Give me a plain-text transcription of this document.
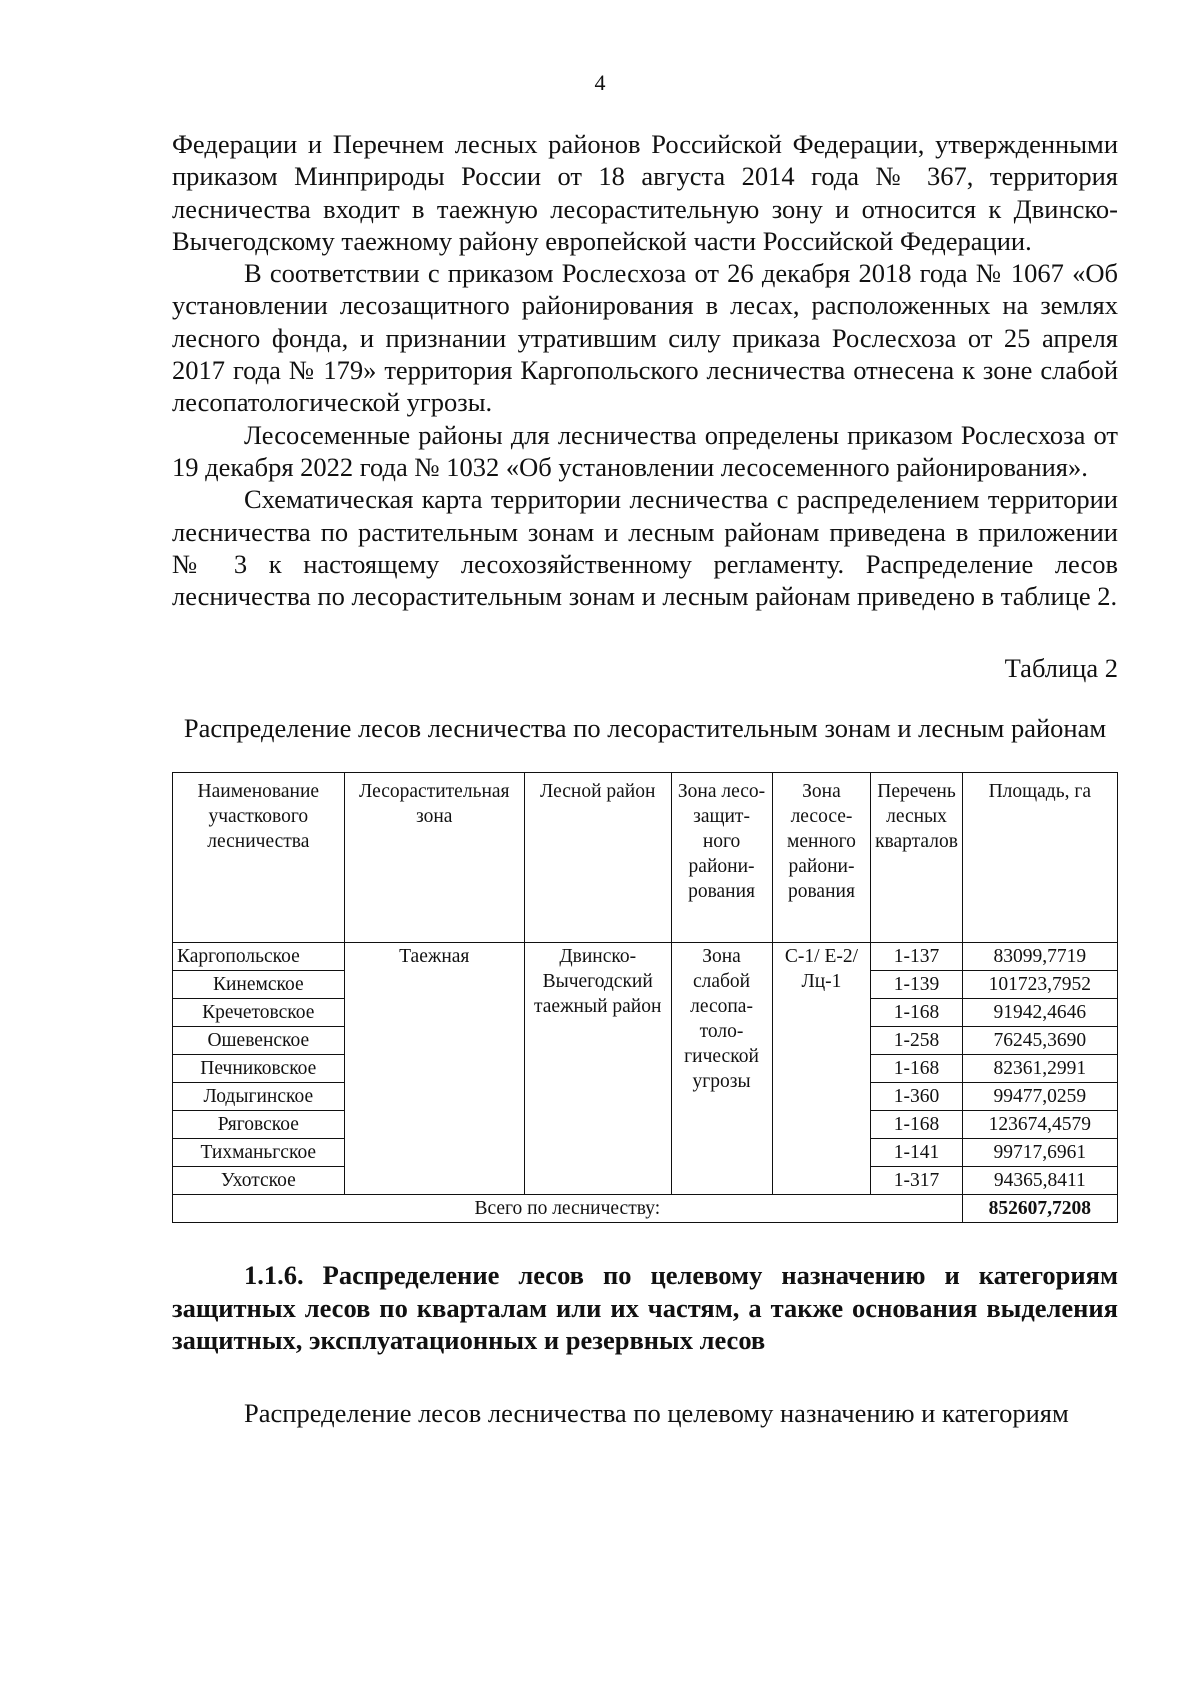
4

Федерации и Перечнем лесных районов Российской Федерации, утвержденными приказом Минприроды России от 18 августа 2014 года № 367, территория лесничества входит в таежную лесорастительную зону и относится к Двинско-Вычегодскому таежному району европейской части Российской Федерации.

В соответствии с приказом Рослесхоза от 26 декабря 2018 года № 1067 «Об установлении лесозащитного районирования в лесах, расположенных на землях лесного фонда, и признании утратившим силу приказа Рослесхоза от 25 апреля 2017 года № 179» территория Каргопольского лесничества отнесена к зоне слабой лесопатологической угрозы.

Лесосеменные районы для лесничества определены приказом Рослесхоза от 19 декабря 2022 года № 1032 «Об установлении лесосеменного районирования».

Схематическая карта территории лесничества с распределением территории лесничества по растительным зонам и лесным районам приведена в приложении № 3 к настоящему лесохозяйственному регламенту. Распределение лесов лесничества по лесорастительным зонам и лесным районам приведено в таблице 2.

Таблица 2
Распределение лесов лесничества по лесорастительным зонам и лесным районам
Наименование участкового лесничества	Лесорастительная зона	Лесной район	Зона лесо-защит-ного райони-рования	Зона лесосе-менного райони-рования	Перечень лесных кварталов	Площадь, га
Каргопольское	Таежная	Двинско-Вычегодский таежный район	Зона слабой лесопа-толо-гической угрозы	С-1/ Е-2/ Лц-1	1-137	83099,7719
Кинемское					1-139	101723,7952
Кречетовское					1-168	91942,4646
Ошевенское					1-258	76245,3690
Печниковское					1-168	82361,2991
Лодыгинское					1-360	99477,0259
Ряговское					1-168	123674,4579
Тихманьгское					1-141	99717,6961
Ухотское					1-317	94365,8411
Всего по лесничеству:						852607,7208
1.1.6. Распределение лесов по целевому назначению и категориям защитных лесов по кварталам или их частям, а также основания выделения защитных, эксплуатационных и резервных лесов

Распределение лесов лесничества по целевому назначению и категориям
